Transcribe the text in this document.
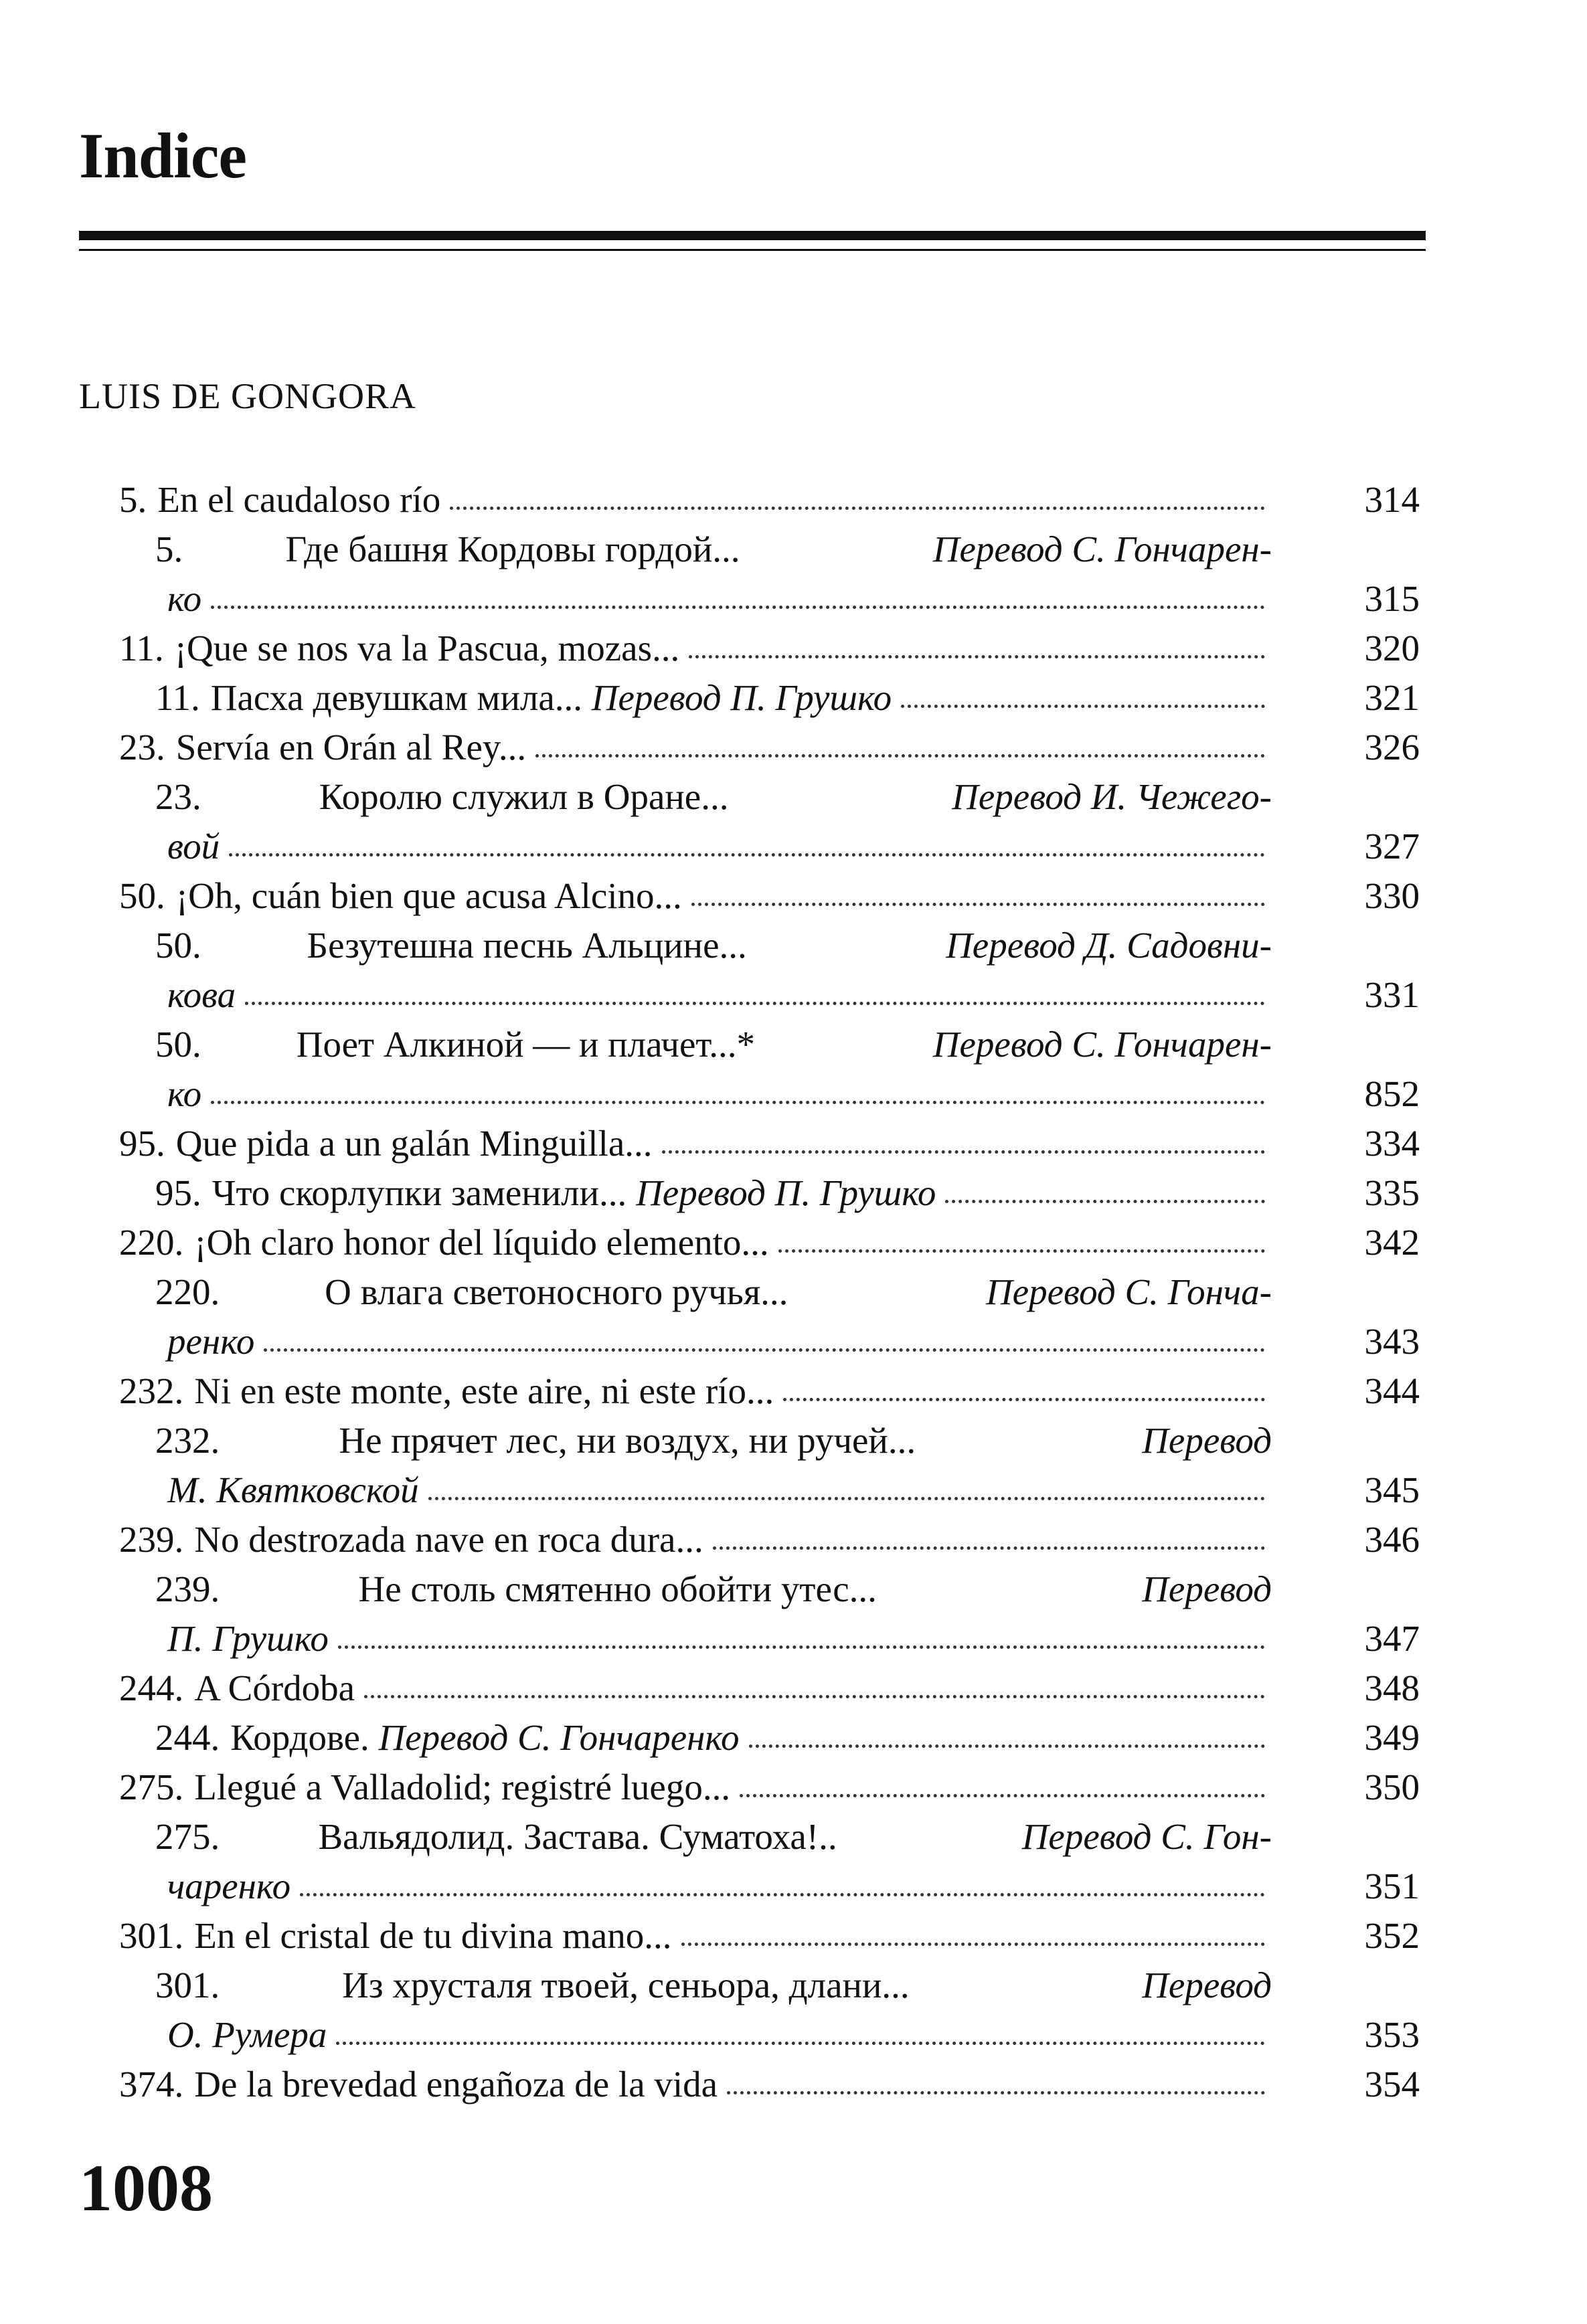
Indice
LUIS DE GONGORA
5. En el caudaloso río	314
5.	Где башня Кордовы гордой...
	Перевод С. Гончарен-
ко	315
11. ¡Que se nos va la Pascua, mozas...	320
11. Пасха девушкам мила...
Перевод П. Грушко	321
23. Servía en Orán al Rey...	326
23.	Королю служил в Оране...
	Перевод И. Чежего-
вой	327
50. ¡Oh, cuán bien que acusa Alcino...	330
50.	Безутешна песнь Альцине...
	Перевод Д. Садовни-
кова	331
50.	Поет Алкиной — и плачет...*
	Перевод С. Гончарен-
ко	852
95. Que pida a un galán Minguilla...	334
95. Что скорлупки заменили...
Перевод П. Грушко	335
220. ¡Oh claro honor del líquido elemento...	342
220.	О влага светоносного ручья...
	Перевод С. Гонча-
ренко	343
232. Ni en este monte, este aire, ni este río...	344
232.	Не прячет лес, ни воздух, ни ручей...
	Перевод
М. Квятковской	345
239. No destrozada nave en roca dura...	346
239.	Не столь смятенно обойти утес...
	Перевод
П. Грушко	347
244. A Córdoba	348
244. Кордове.
Перевод С. Гончаренко	349
275. Llegué a Valladolid; registré luego...	350
275.	Вальядолид. Застава. Суматоха!..
	Перевод С. Гон-
чаренко	351
301. En el cristal de tu divina mano...	352
301.	Из хрусталя твоей, сеньора, длани...
	Перевод
О. Румера	353
374. De la brevedad engañoza de la vida	354
1008
